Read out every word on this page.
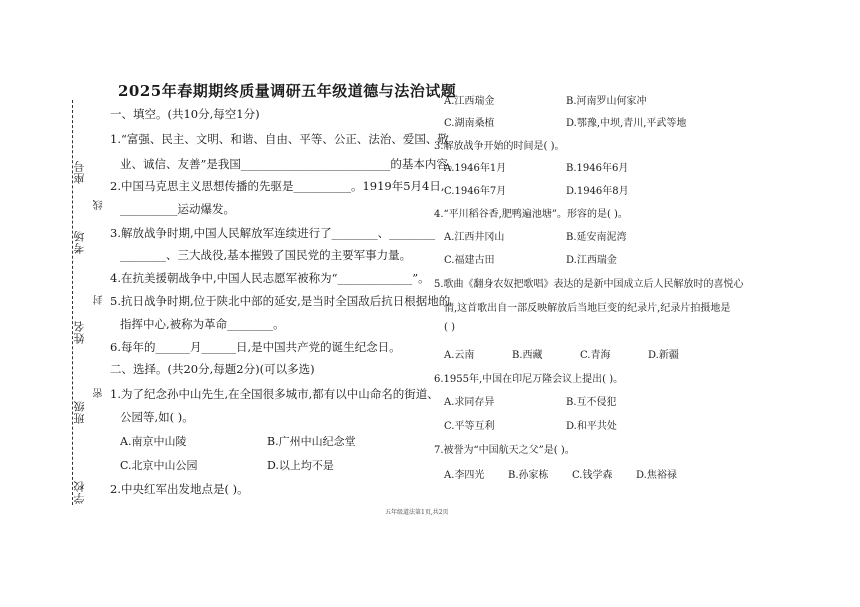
座号
考场
姓名
班级
学校
线
封
密
2025年春期期终质量调研五年级道德与法治试题
一、填空。(共10分,每空1分)
1.“富强、民主、文明、和谐、自由、平等、公正、法治、爱国、敬
业、诚信、友善”是我国__________________________的基本内容。
2.中国马克思主义思想传播的先驱是__________。1919年5月4日,
__________运动爆发。
3.解放战争时期,中国人民解放军连续进行了________、________
________、三大战役,基本摧毁了国民党的主要军事力量。
4.在抗美援朝战争中,中国人民志愿军被称为“_____________”。
5.抗日战争时期,位于陕北中部的延安,是当时全国敌后抗日根据地的
指挥中心,被称为革命________。
6.每年的______月______日,是中国共产党的诞生纪念日。
二、选择。(共20分,每题2分)(可以多选)
1.为了纪念孙中山先生,在全国很多城市,都有以中山命名的街道、
公园等,如( )。
A.南京中山陵	B.广州中山纪念堂
C.北京中山公园	D.以上均不是
2.中央红军出发地点是( )。
A.江西瑞金	B.河南罗山何家冲
C.湖南桑植	D.鄂豫,中坝,青川,平武等地
3.解放战争开始的时间是( )。
A.1946年1月	B.1946年6月
C.1946年7月	D.1946年8月
4.“平川稻谷香,肥鸭遍池塘”。形容的是( )。
A.江西井冈山	B.延安南泥湾
C.福建古田	D.江西瑞金
5.歌曲《翻身农奴把歌唱》表达的是新中国成立后人民解放时的喜悦心
情,这首歌出自一部反映解放后当地巨变的纪录片,纪录片拍摄地是
( )
A.云南	B.西藏	C.青海	D.新疆
6.1955年,中国在印尼万隆会议上提出( )。
A.求同存异	B.互不侵犯
C.平等互利	D.和平共处
7.被誉为“中国航天之父”是( )。
A.李四光 B.孙家栋 C.钱学森 D.焦裕禄
五年级道法第1页,共2页
